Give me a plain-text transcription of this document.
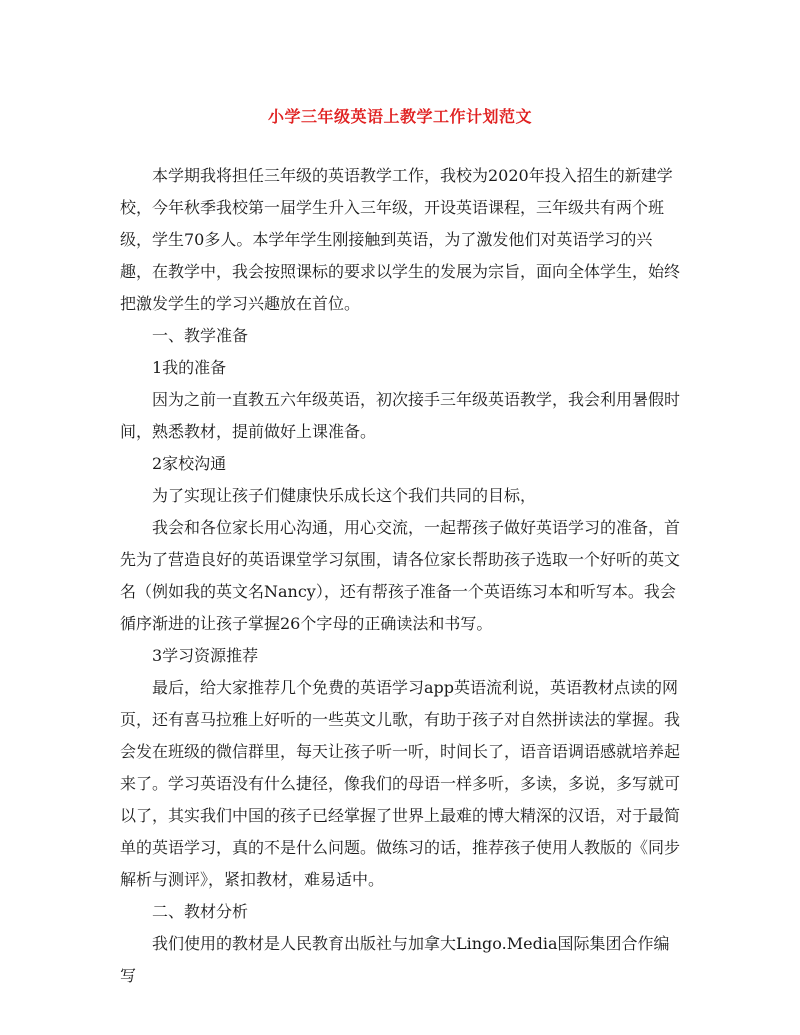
小学三年级英语上教学工作计划范文

本学期我将担任三年级的英语教学工作，我校为2020年投入招生的新建学校，今年秋季我校第一届学生升入三年级，开设英语课程，三年级共有两个班级，学生70多人。本学年学生刚接触到英语，为了激发他们对英语学习的兴趣，在教学中，我会按照课标的要求以学生的发展为宗旨，面向全体学生，始终把激发学生的学习兴趣放在首位。

一、教学准备

1我的准备

因为之前一直教五六年级英语，初次接手三年级英语教学，我会利用暑假时间，熟悉教材，提前做好上课准备。

2家校沟通

为了实现让孩子们健康快乐成长这个我们共同的目标，

我会和各位家长用心沟通，用心交流，一起帮孩子做好英语学习的准备，首先为了营造良好的英语课堂学习氛围，请各位家长帮助孩子选取一个好听的英文名（例如我的英文名Nancy），还有帮孩子准备一个英语练习本和听写本。我会循序渐进的让孩子掌握26个字母的正确读法和书写。

3学习资源推荐

最后，给大家推荐几个免费的英语学习app英语流利说，英语教材点读的网页，还有喜马拉雅上好听的一些英文儿歌，有助于孩子对自然拼读法的掌握。我会发在班级的微信群里，每天让孩子听一听，时间长了，语音语调语感就培养起来了。学习英语没有什么捷径，像我们的母语一样多听，多读，多说，多写就可以了，其实我们中国的孩子已经掌握了世界上最难的博大精深的汉语，对于最简单的英语学习，真的不是什么问题。做练习的话，推荐孩子使用人教版的《同步解析与测评》，紧扣教材，难易适中。

二、教材分析

我们使用的教材是人民教育出版社与加拿大Lingo.Media国际集团合作编写
